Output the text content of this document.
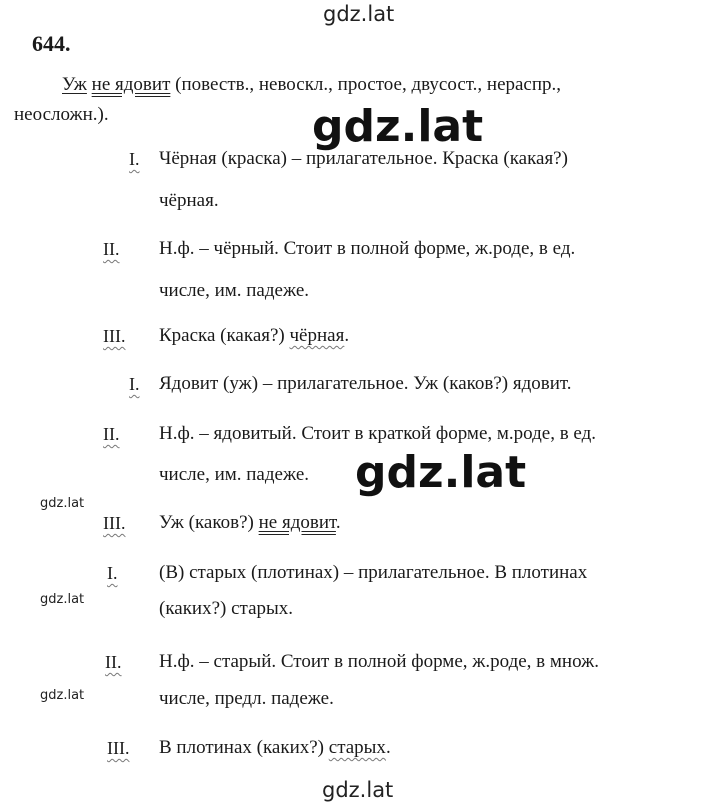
gdz.lat
gdz.lat
gdz.lat
gdz.lat
gdz.lat
gdz.lat
gdz.lat
644.
Уж не ядовит (повеств., невоскл., простое, двусост., нераспр.,
неосложн.).
I. Чёрная (краска) – прилагательное. Краска (какая?)
чёрная.
II. Н.ф. – чёрный. Стоит в полной форме, ж.роде, в ед.
числе, им. падеже.
III. Краска (какая?) чёрная.
I. Ядовит (уж) – прилагательное. Уж (каков?) ядовит.
II. Н.ф. – ядовитый. Стоит в краткой форме, м.роде, в ед.
числе, им. падеже.
III. Уж (каков?) не ядовит.
I. (В) старых (плотинах) – прилагательное. В плотинах
(каких?) старых.
II. Н.ф. – старый. Стоит в полной форме, ж.роде, в множ.
числе, предл. падеже.
III. В плотинах (каких?) старых.
